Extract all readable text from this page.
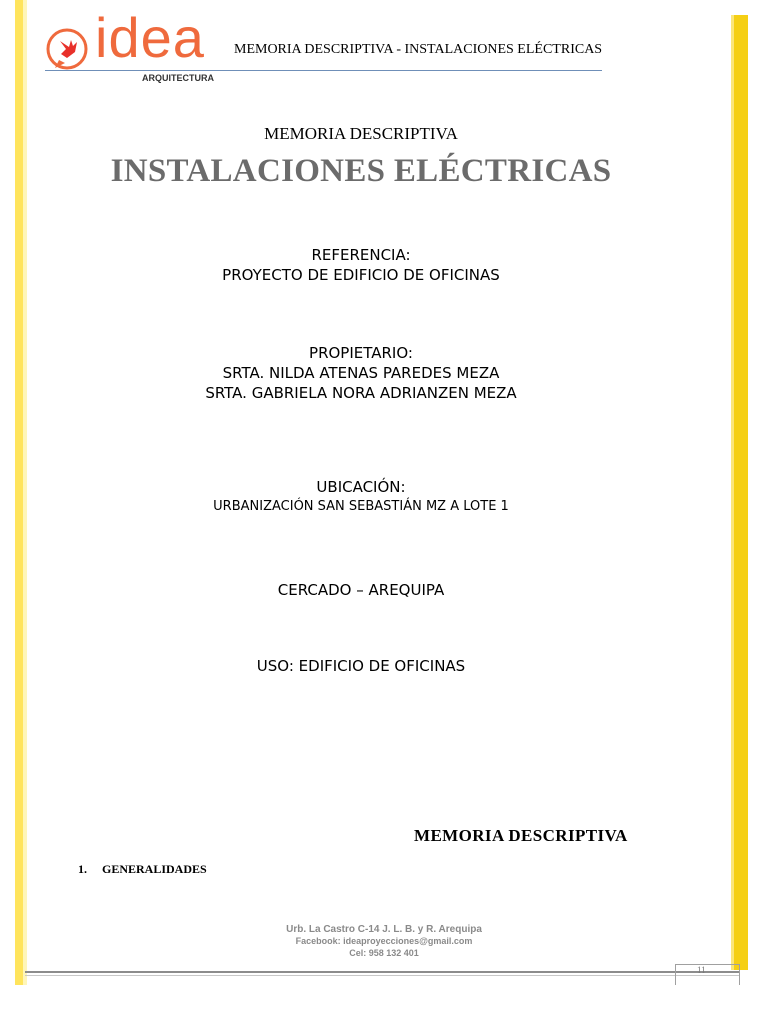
idea
ARQUITECTURA
MEMORIA DESCRIPTIVA - INSTALACIONES ELÉCTRICAS
MEMORIA DESCRIPTIVA
INSTALACIONES ELÉCTRICAS
REFERENCIA:
PROYECTO DE EDIFICIO DE OFICINAS
PROPIETARIO:
SRTA. NILDA ATENAS PAREDES MEZA
SRTA. GABRIELA NORA ADRIANZEN MEZA
UBICACIÓN:
URBANIZACIÓN SAN SEBASTIÁN MZ A LOTE 1
CERCADO – AREQUIPA
USO: EDIFICIO DE OFICINAS
MEMORIA DESCRIPTIVA
1. GENERALIDADES
Urb. La Castro C-14 J. L. B. y R. Arequipa
Facebook: ideaproyecciones@gmail.com
Cel: 958 132 401
11
